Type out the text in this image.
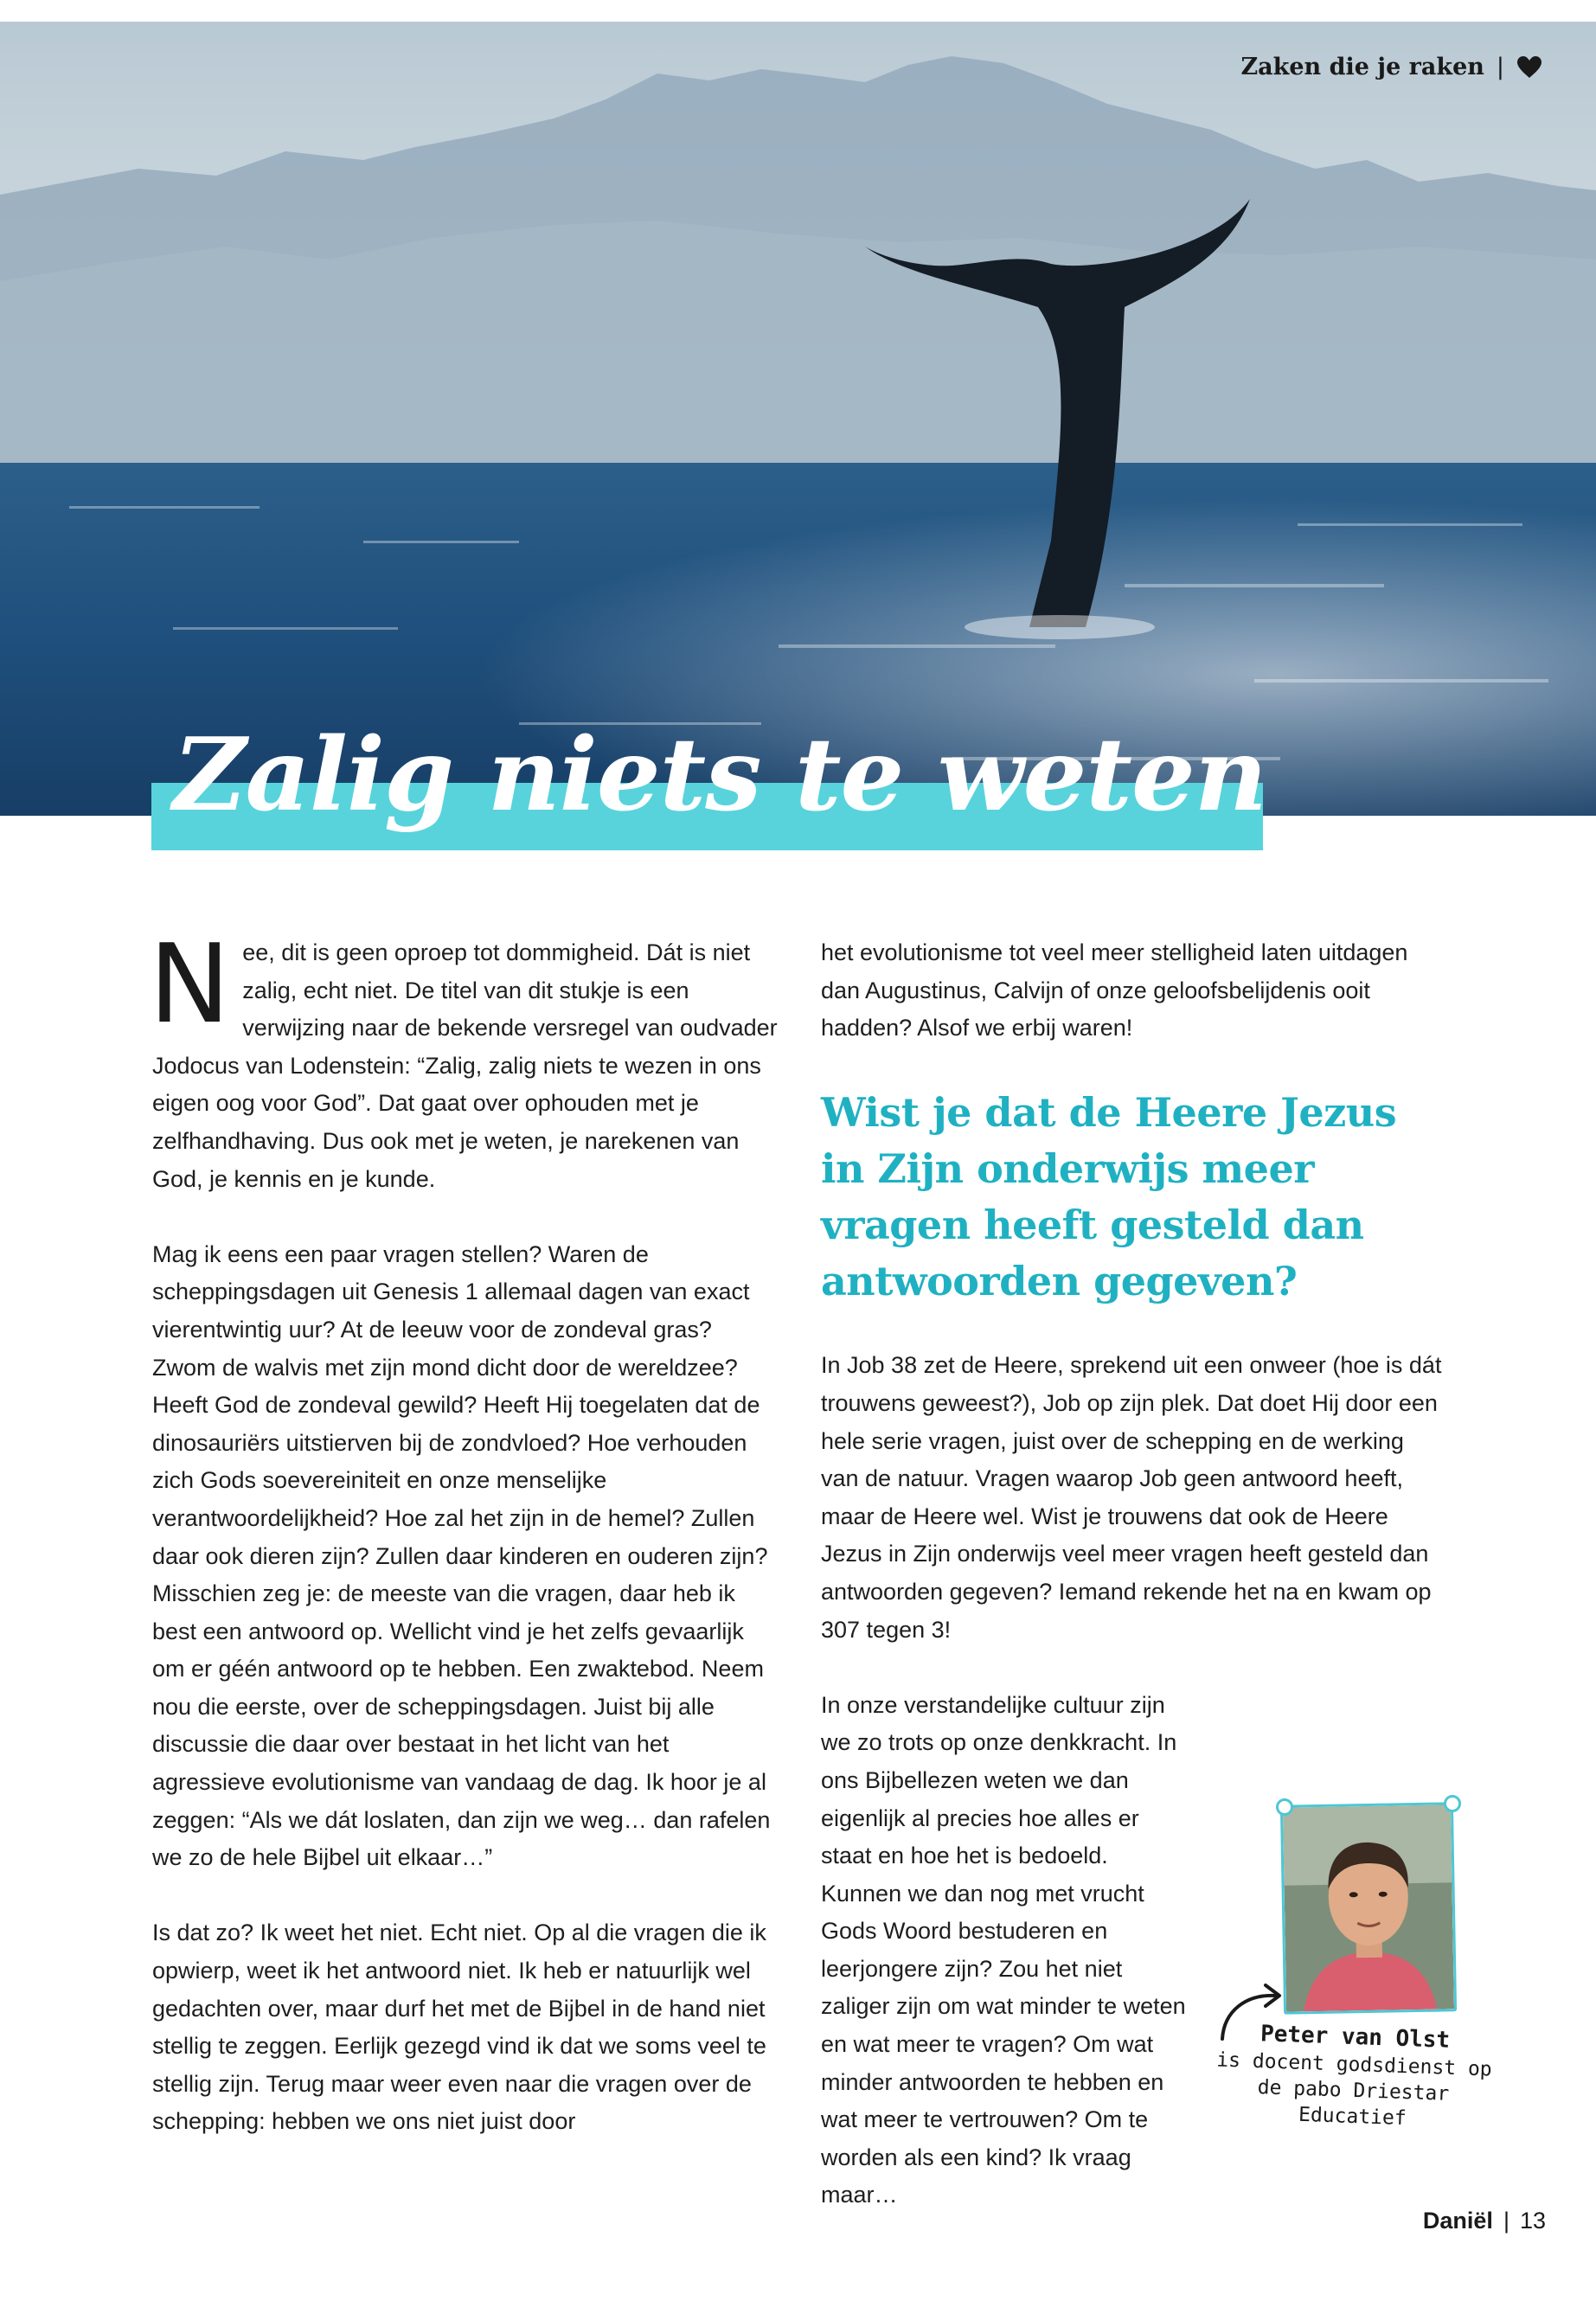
Zaken die je raken |
Zalig niets te weten

Nee, dit is geen oproep tot dommigheid. Dát is niet zalig, echt niet. De titel van dit stukje is een verwijzing naar de bekende versregel van oudvader Jodocus van Lodenstein: “Zalig, zalig niets te wezen in ons eigen oog voor God”. Dat gaat over ophouden met je zelfhandhaving. Dus ook met je weten, je narekenen van God, je kennis en je kunde.

Mag ik eens een paar vragen stellen? Waren de scheppingsdagen uit Genesis 1 allemaal dagen van exact vierentwintig uur? At de leeuw voor de zondeval gras? Zwom de walvis met zijn mond dicht door de wereldzee? Heeft God de zondeval gewild? Heeft Hij toegelaten dat de dinosauriërs uitstierven bij de zondvloed? Hoe verhouden zich Gods soevereiniteit en onze menselijke verantwoordelijkheid? Hoe zal het zijn in de hemel? Zullen daar ook dieren zijn? Zullen daar kinderen en ouderen zijn? Misschien zeg je: de meeste van die vragen, daar heb ik best een antwoord op. Wellicht vind je het zelfs gevaarlijk om er géén antwoord op te hebben. Een zwaktebod. Neem nou die eerste, over de scheppingsdagen. Juist bij alle discussie die daar over bestaat in het licht van het agressieve evolutionisme van vandaag de dag. Ik hoor je al zeggen: “Als we dát loslaten, dan zijn we weg… dan rafelen we zo de hele Bijbel uit elkaar…”

Is dat zo? Ik weet het niet. Echt niet. Op al die vragen die ik opwierp, weet ik het antwoord niet. Ik heb er natuurlijk wel gedachten over, maar durf het met de Bijbel in de hand niet stellig te zeggen. Eerlijk gezegd vind ik dat we soms veel te stellig zijn. Terug maar weer even naar die vragen over de schepping: hebben we ons niet juist door

het evolutionisme tot veel meer stelligheid laten uitdagen dan Augustinus, Calvijn of onze geloofsbelijdenis ooit hadden? Alsof we erbij waren!

Wist je dat de Heere Jezus in Zijn onderwijs meer vragen heeft gesteld dan antwoorden gegeven?

In Job 38 zet de Heere, sprekend uit een onweer (hoe is dát trouwens geweest?), Job op zijn plek. Dat doet Hij door een hele serie vragen, juist over de schepping en de werking van de natuur. Vragen waarop Job geen antwoord heeft, maar de Heere wel. Wist je trouwens dat ook de Heere Jezus in Zijn onderwijs veel meer vragen heeft gesteld dan antwoorden gegeven? Iemand rekende het na en kwam op 307 tegen 3!

In onze verstandelijke cultuur zijn we zo trots op onze denkkracht. In ons Bijbellezen weten we dan eigenlijk al precies hoe alles er staat en hoe het is bedoeld. Kunnen we dan nog met vrucht Gods Woord bestuderen en leerjongere zijn? Zou het niet zaliger zijn om wat minder te weten en wat meer te vragen? Om wat minder antwoorden te hebben en wat meer te vertrouwen? Om te worden als een kind? Ik vraag maar…

Peter van Olst
is docent godsdienst op de pabo Driestar Educatief
Daniël | 13
